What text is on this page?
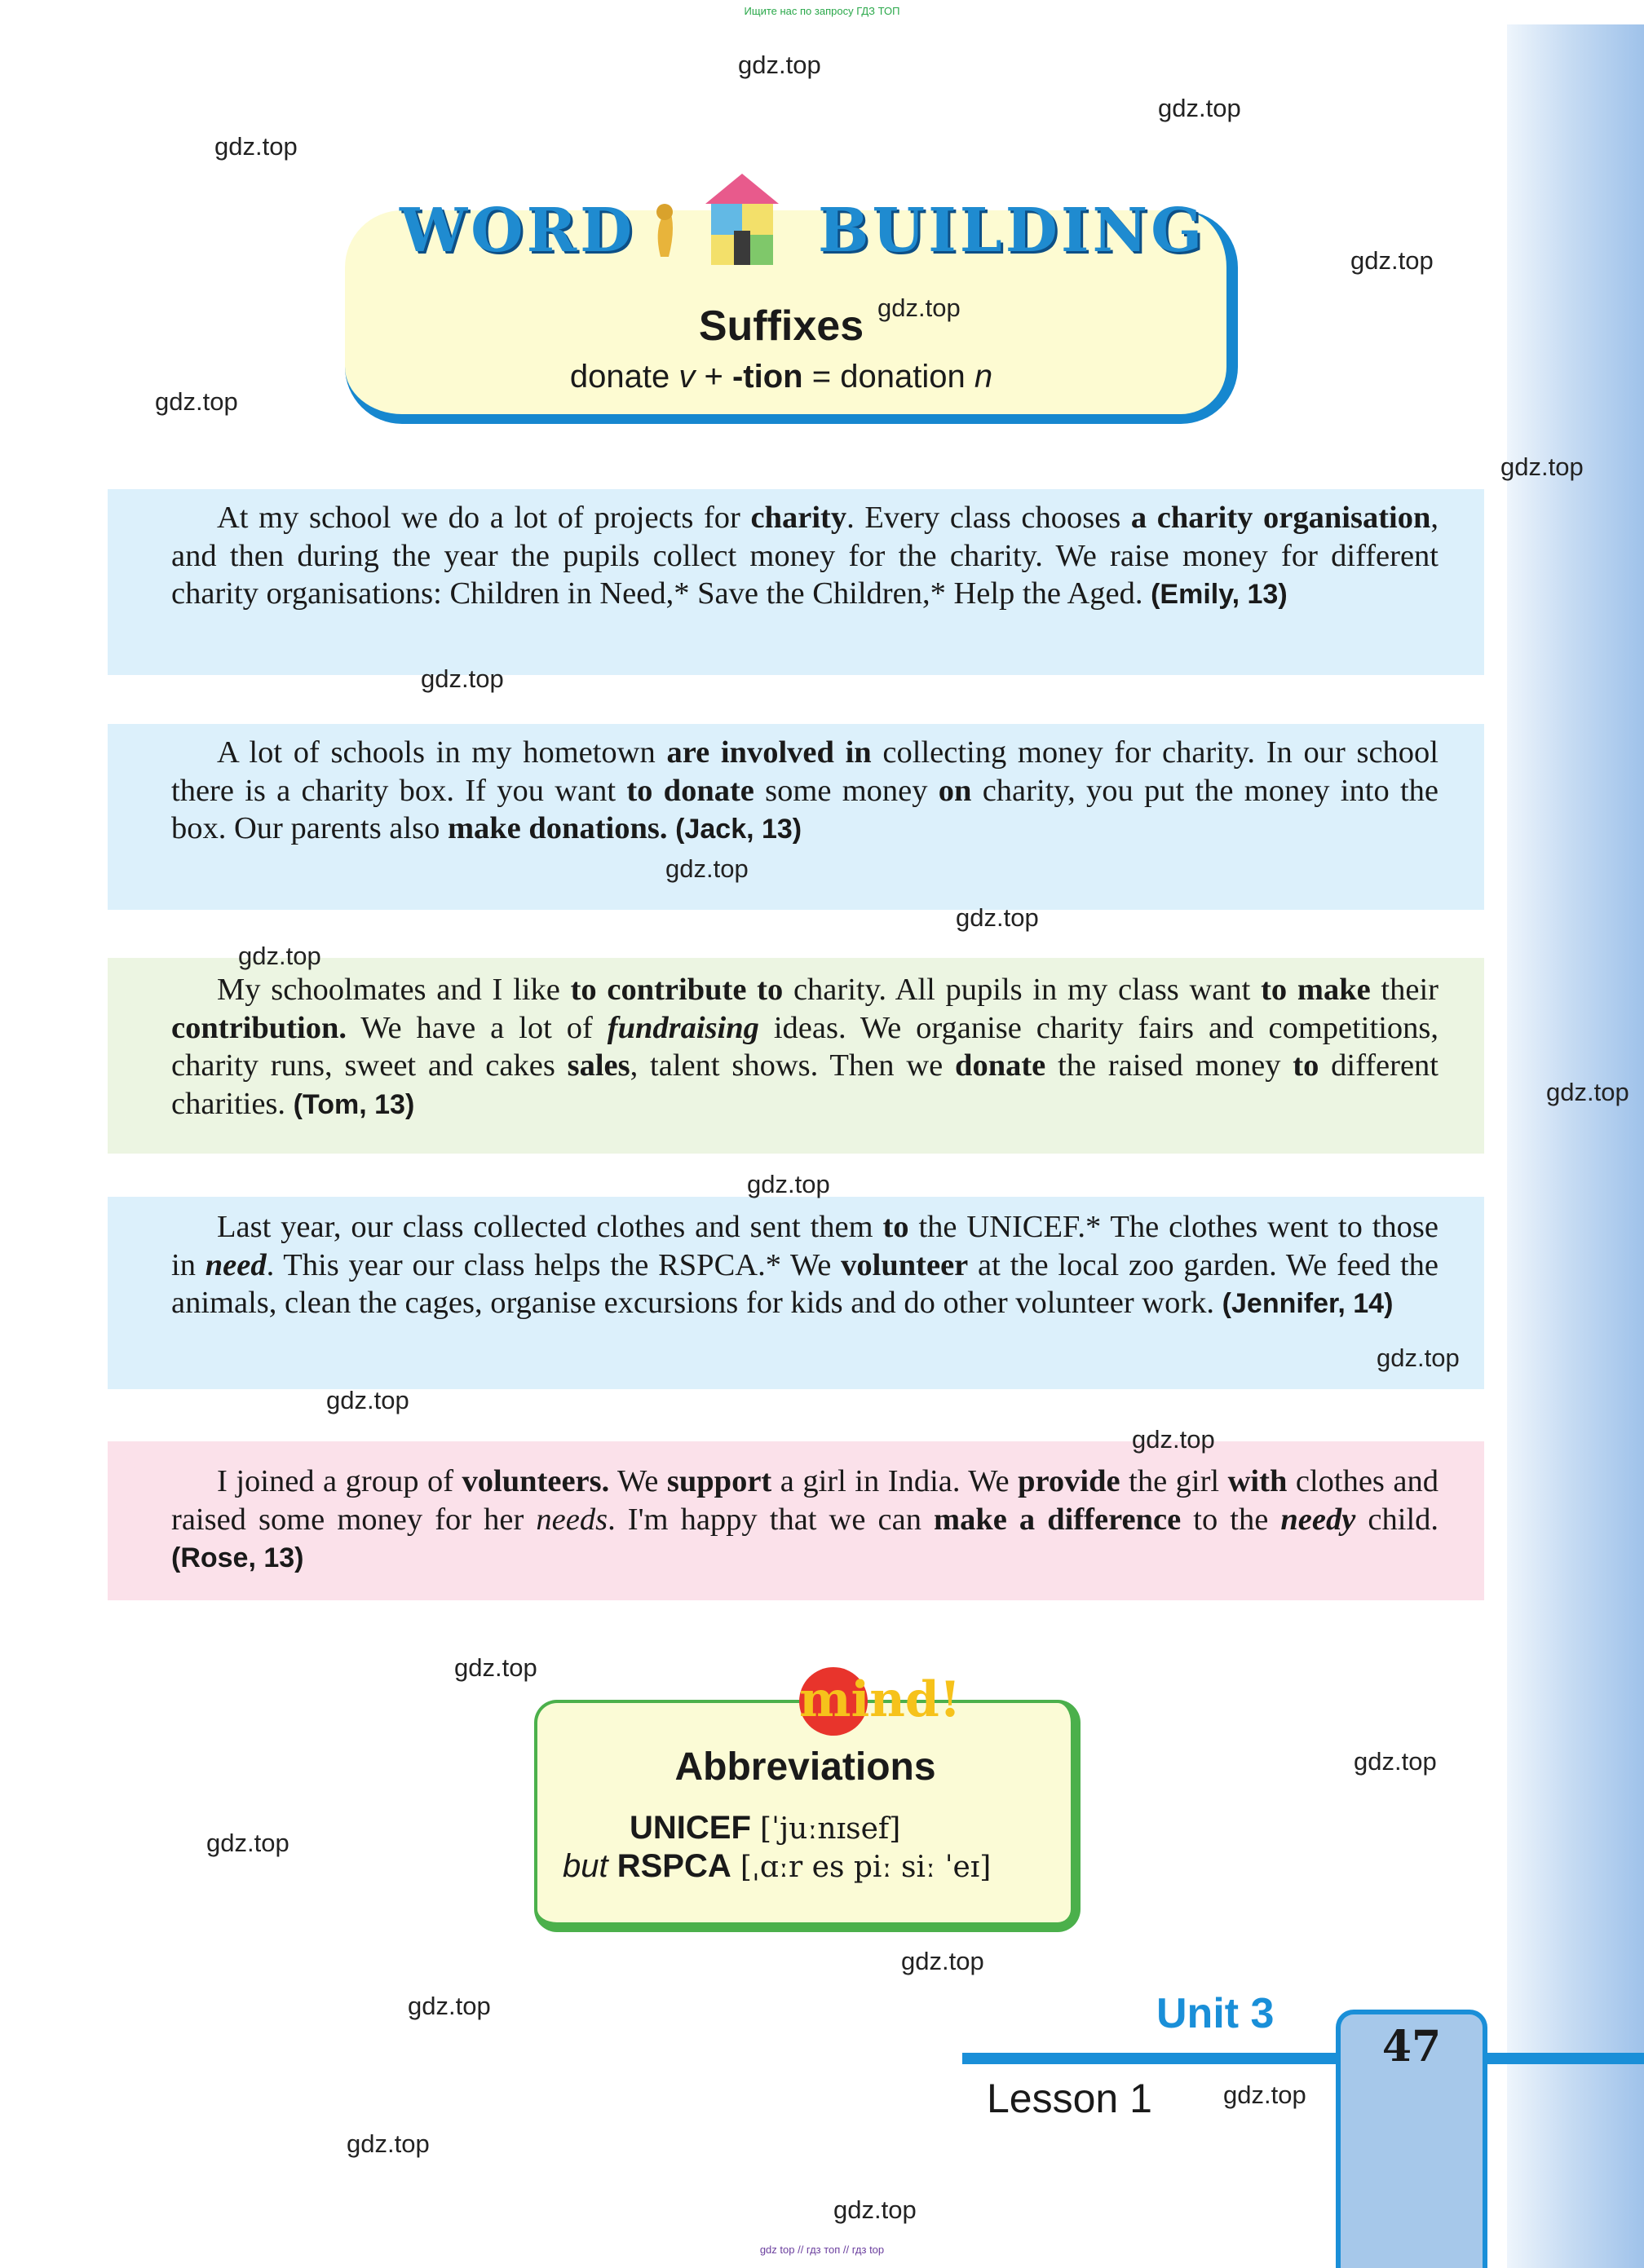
Ищите нас по запросу ГДЗ ТОП
WORD	BUILDING
Suffixes
donate v + -tion = donation n
At my school we do a lot of projects for charity. Every class chooses a charity organisation, and then during the year the pupils collect money for the charity. We raise money for different charity organisations: Children in Need,* Save the Children,* Help the Aged. (Emily, 13)
A lot of schools in my hometown are involved in collecting money for charity. In our school there is a charity box. If you want to donate some money on charity, you put the money into the box. Our parents also make donations. (Jack, 13)
My schoolmates and I like to contribute to charity. All pupils in my class want to make their contribution. We have a lot of fundraising ideas. We organise charity fairs and competitions, charity runs, sweet and cakes sales, talent shows. Then we donate the raised money to different charities. (Tom, 13)
Last year, our class collected clothes and sent them to the UNICEF.* The clothes went to those in need. This year our class helps the RSPCA.* We volunteer at the local zoo garden. We feed the animals, clean the cages, organise excursions for kids and do other volunteer work. (Jennifer, 14)
I joined a group of volunteers. We support a girl in India. We provide the girl with clothes and raised some money for her needs. I'm happy that we can make a difference to the needy child. (Rose, 13)
mind!
Abbreviations
UNICEF [ˈjuːnɪsef]
but RSPCA [ˌɑːr es piː siː ˈeɪ]
Unit 3
47
Lesson 1
gdz.top
gdz.top
gdz.top
gdz.top
gdz.top
gdz.top
gdz.top
gdz.top
gdz.top
gdz.top
gdz.top
gdz.top
gdz.top
gdz.top
gdz.top
gdz.top
gdz.top
gdz.top
gdz.top
gdz.top
gdz.top
gdz.top
gdz.top
gdz.top
gdz top // гдз топ // гдз top
